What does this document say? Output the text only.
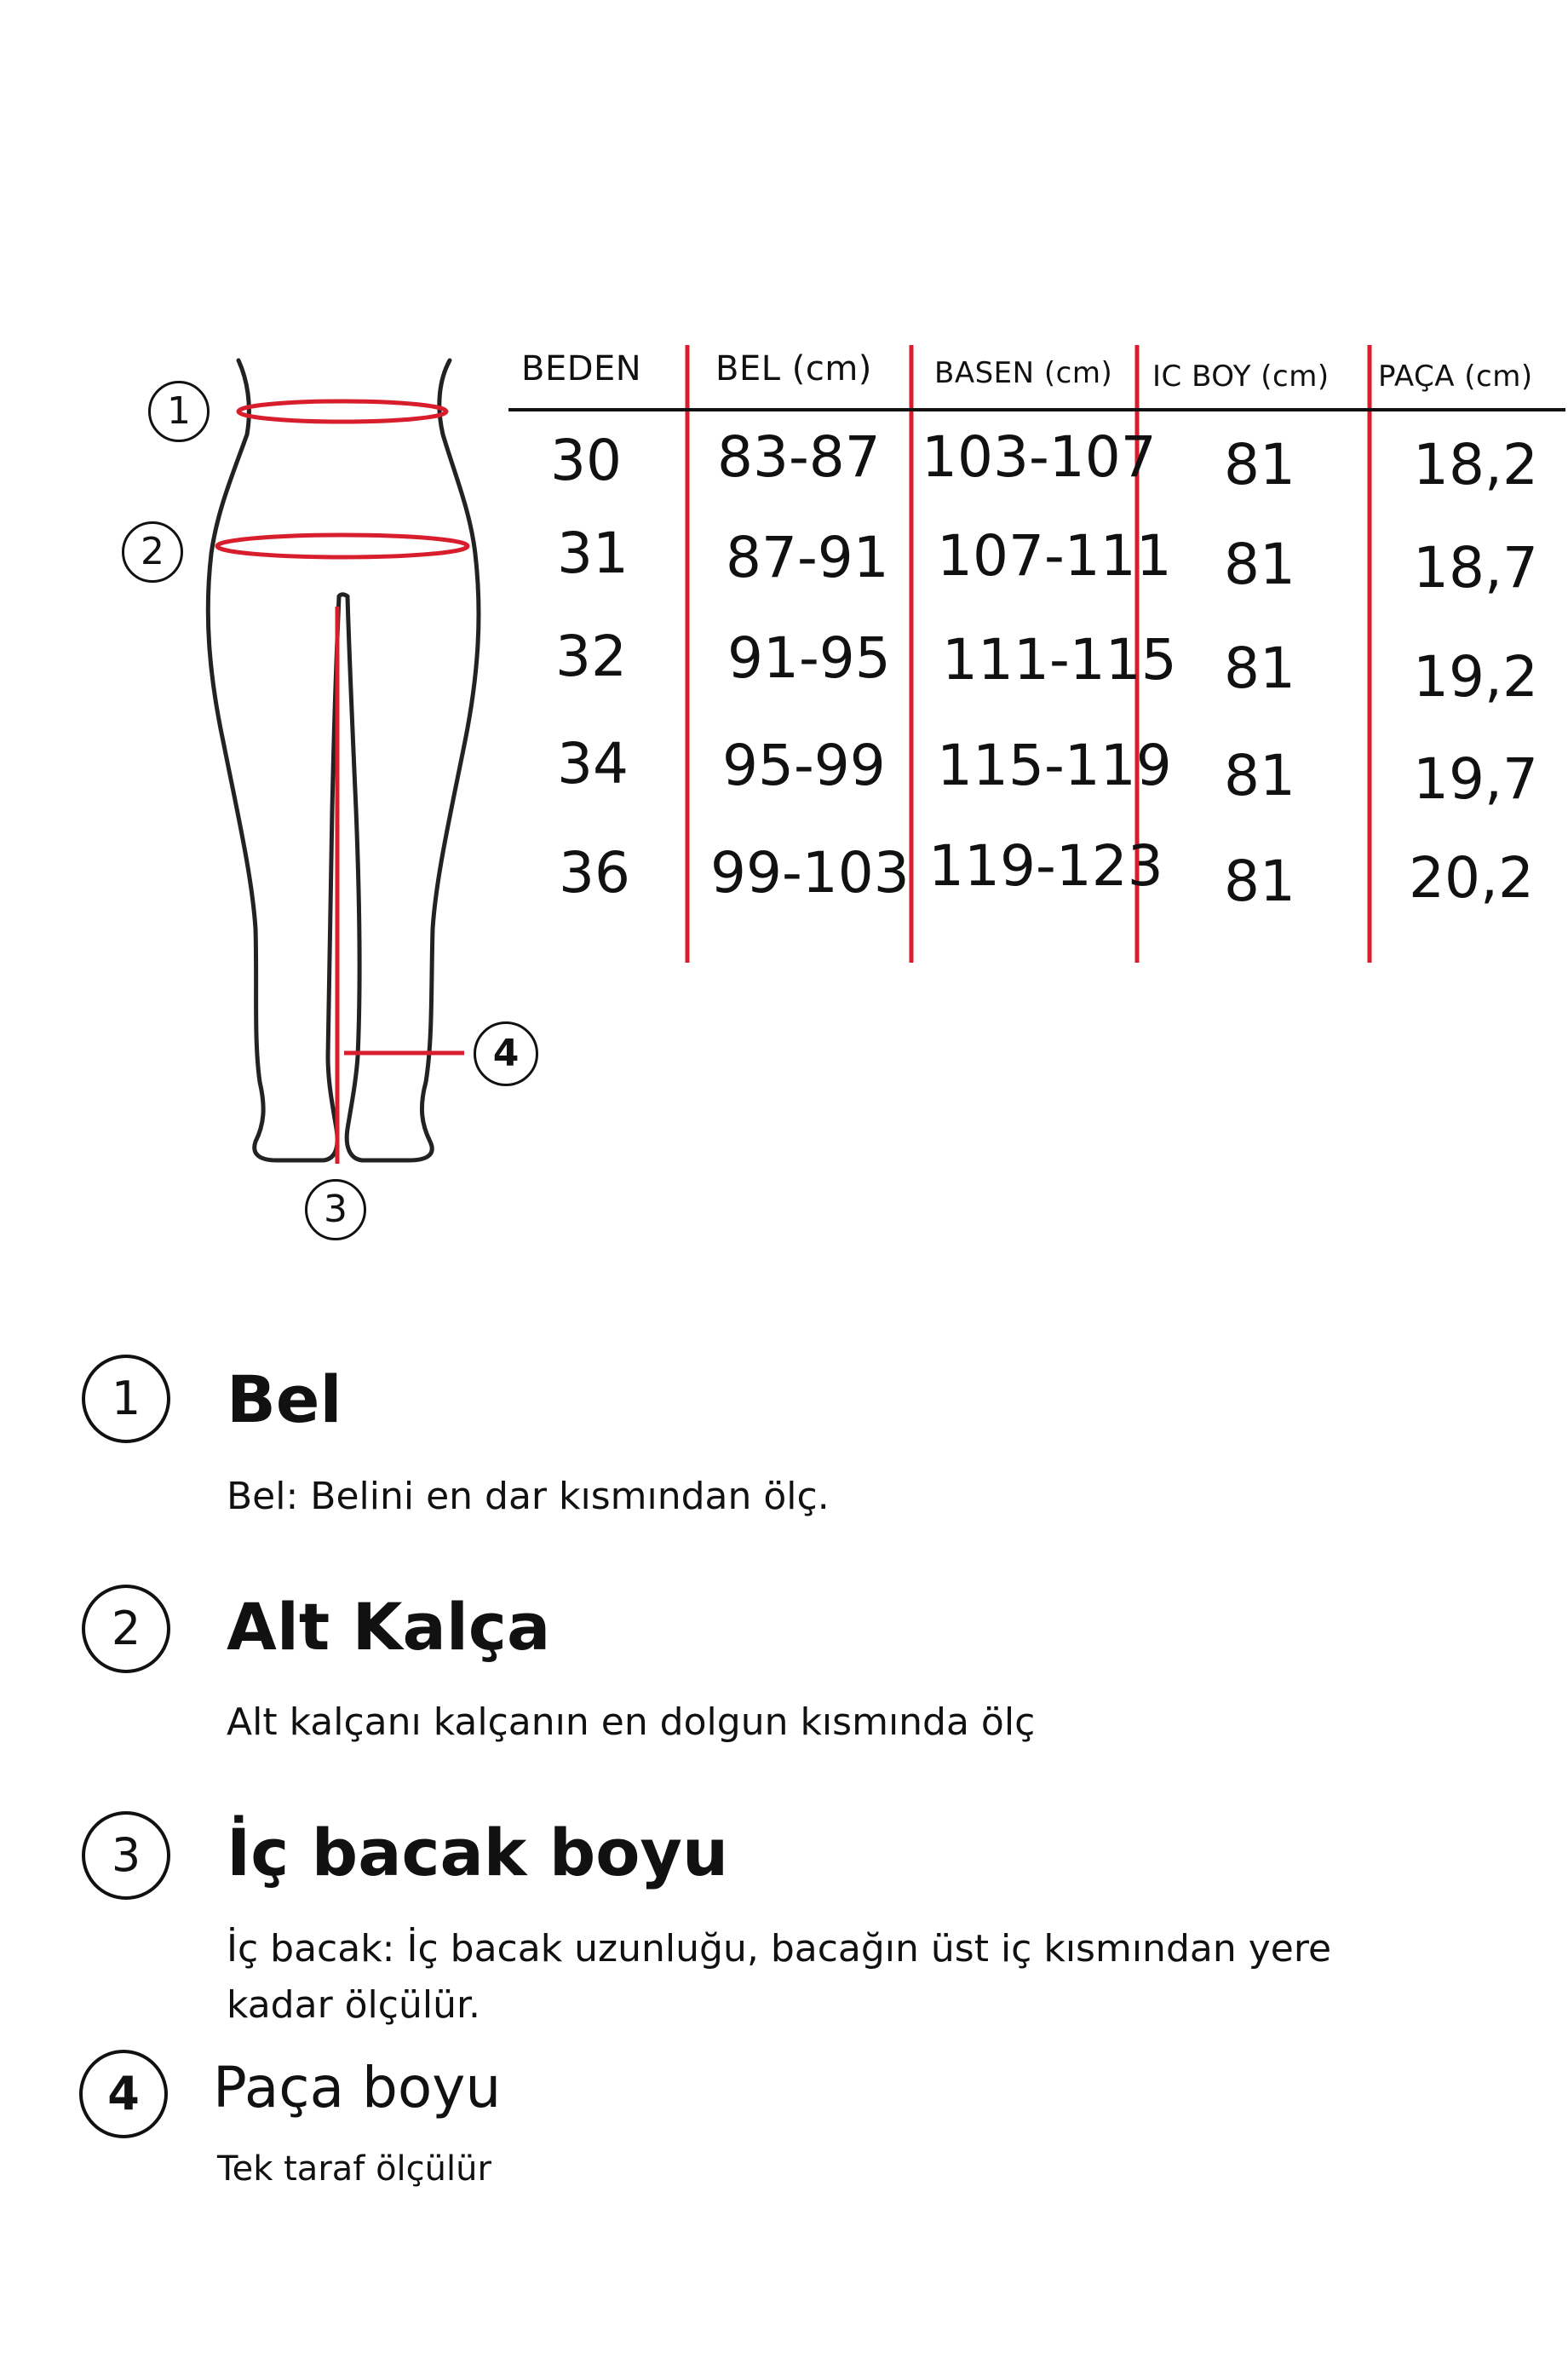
1
2
3
4
BEDEN BEL (cm) BASEN (cm) IC BOY (cm) PAÇA (cm)
30 83-87 103-107 81 18,2
31 87-91 107-111 81 18,7
32 91-95 111-115 81 19,2
34 95-99 115-119 81 19,7
36 99-103 119-123 81 20,2
1	Bel
Bel: Belini en dar kısmından ölç.
2	Alt Kalça
Alt kalçanı kalçanın en dolgun kısmında ölç
3	İç bacak boyu
İç bacak: İç bacak uzunluğu, bacağın üst iç kısmından yere
kadar ölçülür.
4	Paça boyu
Tek taraf ölçülür
